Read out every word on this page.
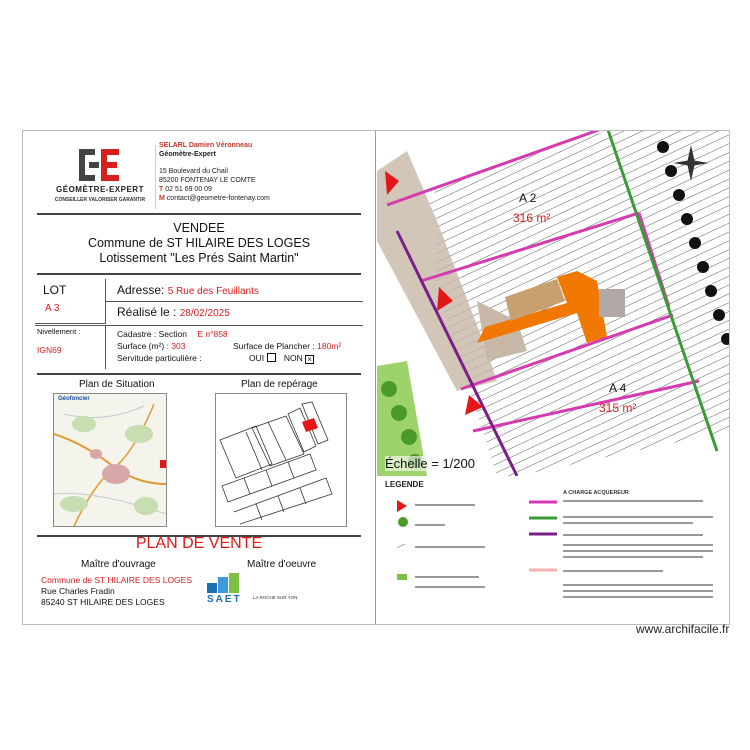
GÉOMÈTRE-EXPERT
CONSEILLER VALORISER GARANTIR
SELARL Damien Véronneau
Géomètre-Expert
15 Boulevard du Chail
85200 FONTENAY LE COMTE
T 02 51 69 00 09
M contact@geometre-fontenay.com
VENDEE
Commune de ST HILAIRE DES LOGES
Lotissement "Les Prés Saint Martin"
LOT
A 3
Adresse: 5 Rue des Feuillants
Réalisé le : 28/02/2025
Nivellement :
IGN69
Cadastre : Section E n°858
Surface (m²) : 303	Surface de Plancher : 180m²
Servitude particulière :	OUI NON ×
Plan de Situation	Plan de repérage
Géofoncier
PLAN DE VENTE
Maître d'ouvrage	Maître d'oeuvre
Commune de ST HILAIRE DES LOGES
Rue Charles Fradin
85240 ST HILAIRE DES LOGES	SAET	LA ROCHE SUR YON
A 2
316 m²
A 4
315 m²
Échelle = 1/200
LEGENDE
A CHARGE ACQUEREUR
www.archifacile.fr
